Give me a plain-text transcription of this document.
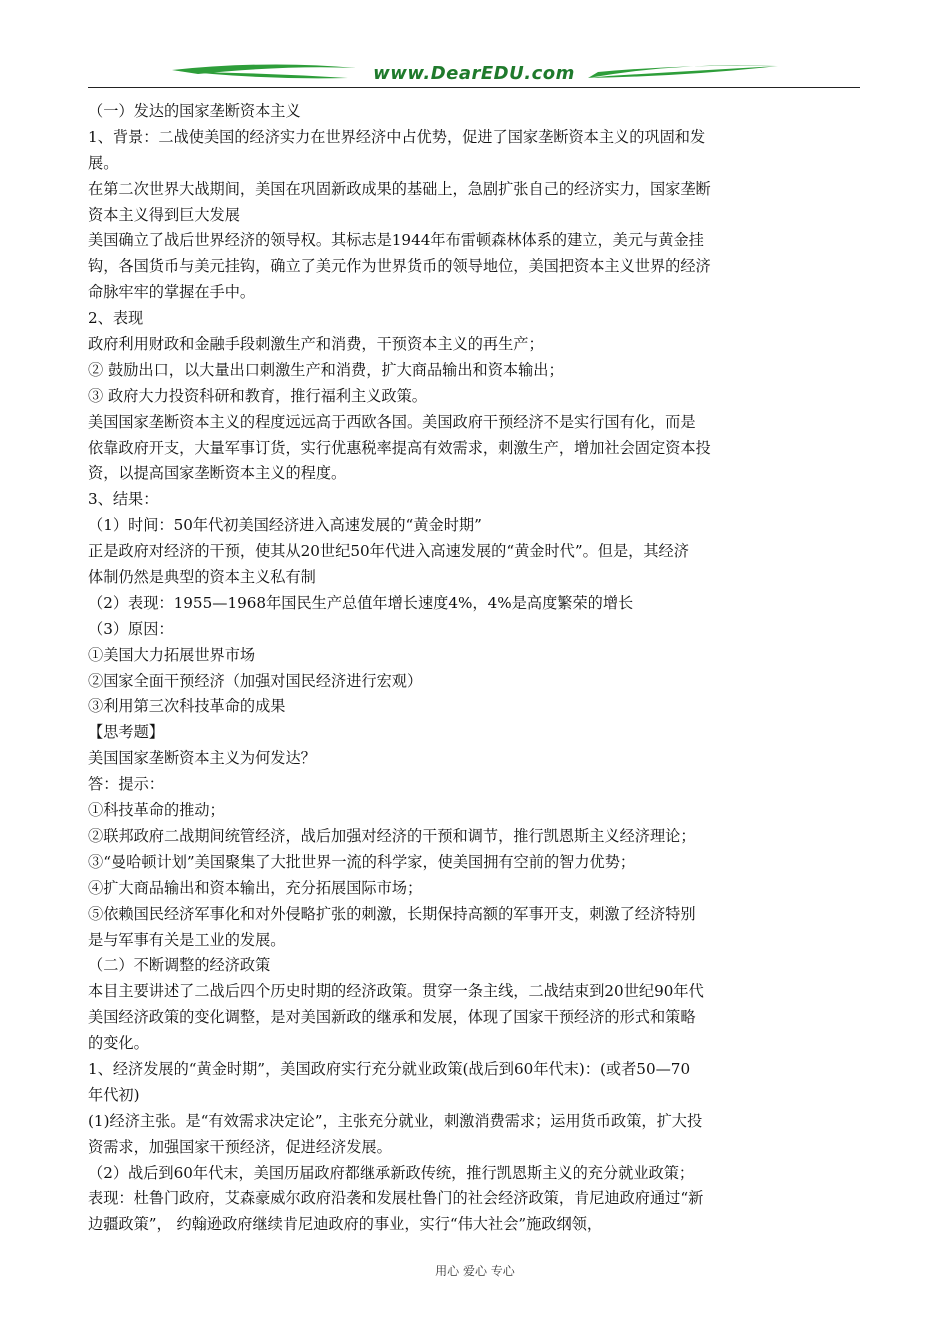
www.DearEDU.com
（一）发达的国家垄断资本主义
1、背景：二战使美国的经济实力在世界经济中占优势，促进了国家垄断资本主义的巩固和发
展。
在第二次世界大战期间，美国在巩固新政成果的基础上，急剧扩张自己的经济实力，国家垄断
资本主义得到巨大发展
美国确立了战后世界经济的领导权。其标志是1944年布雷顿森林体系的建立，美元与黄金挂
钩，各国货币与美元挂钩，确立了美元作为世界货币的领导地位，美国把资本主义世界的经济
命脉牢牢的掌握在手中。
2、表现
政府利用财政和金融手段刺激生产和消费，干预资本主义的再生产；
② 鼓励出口，以大量出口刺激生产和消费，扩大商品输出和资本输出；
③ 政府大力投资科研和教育，推行福利主义政策。
美国国家垄断资本主义的程度远远高于西欧各国。美国政府干预经济不是实行国有化，而是
依靠政府开支，大量军事订货，实行优惠税率提高有效需求，刺激生产，增加社会固定资本投
资，以提高国家垄断资本主义的程度。
3、结果：
（1）时间：50年代初美国经济进入高速发展的“黄金时期”
正是政府对经济的干预，使其从20世纪50年代进入高速发展的“黄金时代”。但是，其经济
体制仍然是典型的资本主义私有制
（2）表现：1955—1968年国民生产总值年增长速度4%，4%是高度繁荣的增长
（3）原因：
①美国大力拓展世界市场
②国家全面干预经济（加强对国民经济进行宏观）
③利用第三次科技革命的成果
【思考题】
美国国家垄断资本主义为何发达？
答：提示：
①科技革命的推动；
②联邦政府二战期间统管经济，战后加强对经济的干预和调节，推行凯恩斯主义经济理论；
③“曼哈顿计划”美国聚集了大批世界一流的科学家，使美国拥有空前的智力优势；
④扩大商品输出和资本输出，充分拓展国际市场；
⑤依赖国民经济军事化和对外侵略扩张的刺激，长期保持高额的军事开支，刺激了经济特别
是与军事有关是工业的发展。
（二）不断调整的经济政策
本目主要讲述了二战后四个历史时期的经济政策。贯穿一条主线，二战结束到20世纪90年代
美国经济政策的变化调整，是对美国新政的继承和发展，体现了国家干预经济的形式和策略
的变化。
1、经济发展的“黄金时期”，美国政府实行充分就业政策(战后到60年代末)：(或者50—70
年代初)
(1)经济主张。是“有效需求决定论”，主张充分就业，刺激消费需求；运用货币政策，扩大投
资需求，加强国家干预经济，促进经济发展。
（2）战后到60年代末，美国历届政府都继承新政传统，推行凯恩斯主义的充分就业政策；
表现：杜鲁门政府，艾森豪威尔政府沿袭和发展杜鲁门的社会经济政策，肯尼迪政府通过“新
边疆政策”， 约翰逊政府继续肯尼迪政府的事业，实行“伟大社会”施政纲领，
用心 爱心 专心
